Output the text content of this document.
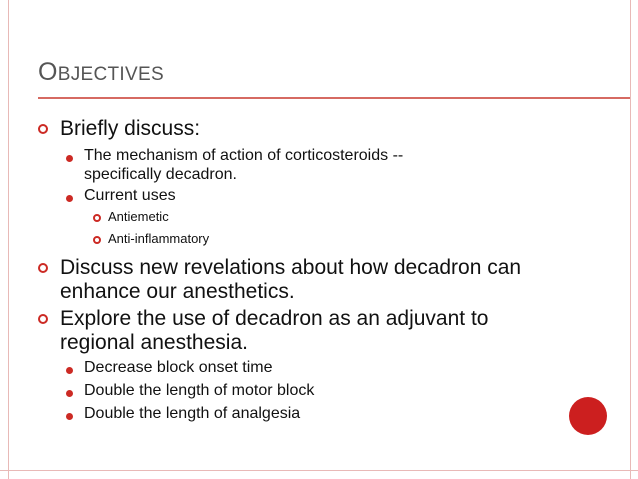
OBJECTIVES
Briefly discuss:
The mechanism of action of corticosteroids --
specifically decadron.
Current uses
Antiemetic
Anti-inflammatory
Discuss new revelations about how decadron can
enhance our anesthetics.
Explore the use of decadron as an adjuvant to
regional anesthesia.
Decrease block onset time
Double the length of motor block
Double the length of analgesia
